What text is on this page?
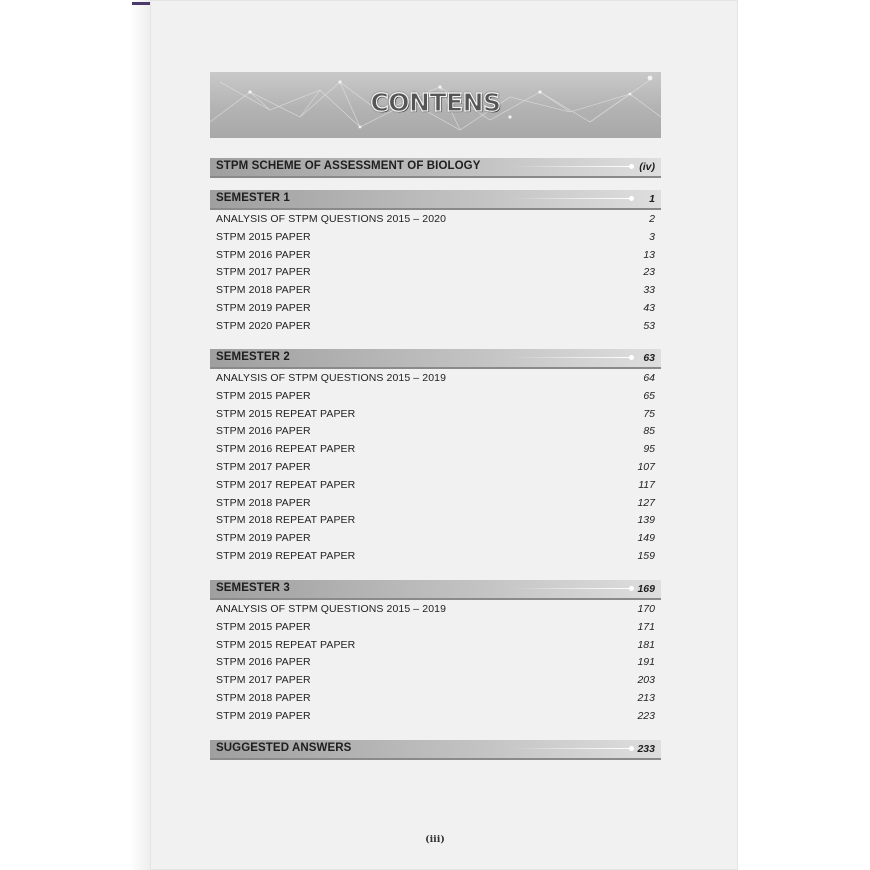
CONTENS
STPM SCHEME OF ASSESSMENT OF BIOLOGY	(iv)
SEMESTER 1	1
ANALYSIS OF STPM QUESTIONS 2015 – 2020	2
STPM 2015 PAPER	3
STPM 2016 PAPER	13
STPM 2017 PAPER	23
STPM 2018 PAPER	33
STPM 2019 PAPER	43
STPM 2020 PAPER	53
SEMESTER 2	63
ANALYSIS OF STPM QUESTIONS 2015 – 2019	64
STPM 2015 PAPER	65
STPM 2015 REPEAT PAPER	75
STPM 2016 PAPER	85
STPM 2016 REPEAT PAPER	95
STPM 2017 PAPER	107
STPM 2017 REPEAT PAPER	117
STPM 2018 PAPER	127
STPM 2018 REPEAT PAPER	139
STPM 2019 PAPER	149
STPM 2019 REPEAT PAPER	159
SEMESTER 3	169
ANALYSIS OF STPM QUESTIONS 2015 – 2019	170
STPM 2015 PAPER	171
STPM 2015 REPEAT PAPER	181
STPM 2016 PAPER	191
STPM 2017 PAPER	203
STPM 2018 PAPER	213
STPM 2019 PAPER	223
SUGGESTED ANSWERS	233
(iii)
